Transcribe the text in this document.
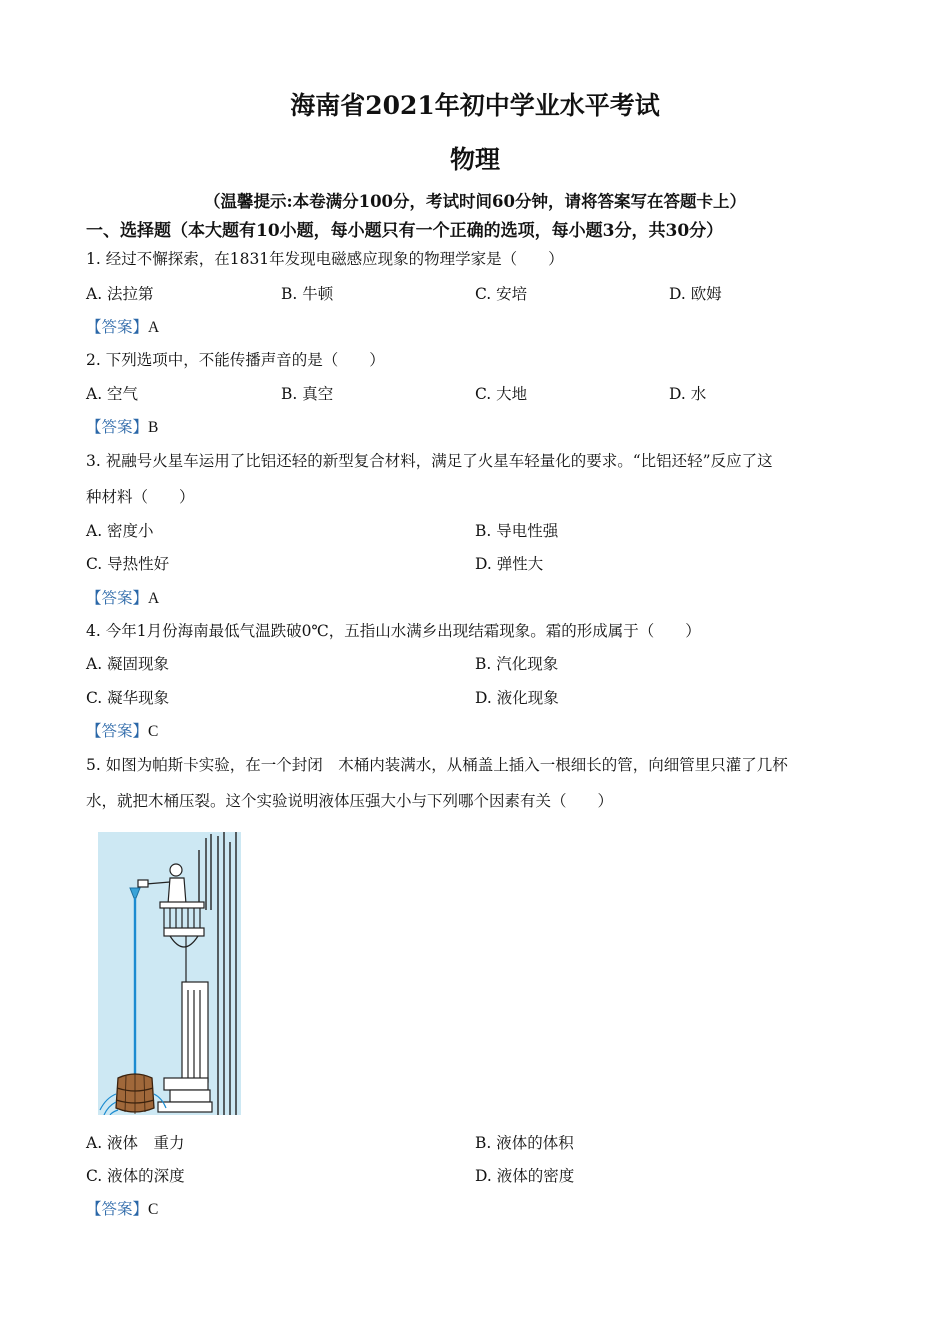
海南省2021年初中学业水平考试
物理
（温馨提示:本卷满分100分，考试时间60分钟，请将答案写在答题卡上）
一、选择题（本大题有10小题，每小题只有一个正确的选项，每小题3分，共30分）
1. 经过不懈探索，在1831年发现电磁感应现象的物理学家是（　　）
A. 法拉第	B. 牛顿	C. 安培	D. 欧姆
【答案】A
2. 下列选项中，不能传播声音的是（　　）
A. 空气	B. 真空	C. 大地	D. 水
【答案】B
3. 祝融号火星车运用了比铝还轻的新型复合材料，满足了火星车轻量化的要求。“比铝还轻”反应了这
种材料（　　）
A. 密度小	B. 导电性强
C. 导热性好	D. 弹性大
【答案】A
4. 今年1月份海南最低气温跌破0℃，五指山水满乡出现结霜现象。霜的形成属于（　　）
A. 凝固现象	B. 汽化现象
C. 凝华现象	D. 液化现象
【答案】C
5. 如图为帕斯卡实验，在一个封闭　木桶内装满水，从桶盖上插入一根细长的管，向细管里只灌了几杯
水，就把木桶压裂。这个实验说明液体压强大小与下列哪个因素有关（　　）
A. 液体　重力	B. 液体的体积
C. 液体的深度	D. 液体的密度
【答案】C
